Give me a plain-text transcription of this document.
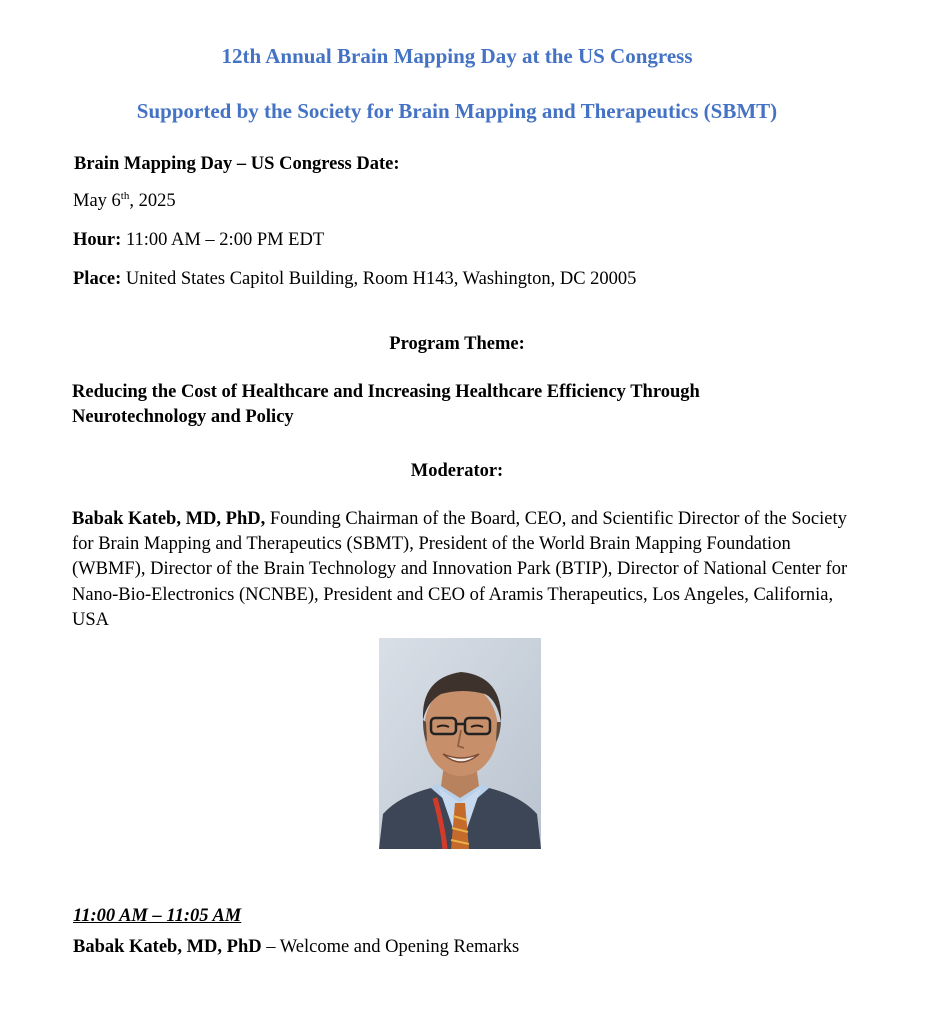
12th Annual Brain Mapping Day at the US Congress
Supported by the Society for Brain Mapping and Therapeutics (SBMT)

Brain Mapping Day – US Congress Date:

May 6th, 2025

Hour: 11:00 AM – 2:00 PM EDT

Place: United States Capitol Building, Room H143, Washington, DC 20005

Program Theme:

Reducing the Cost of Healthcare and Increasing Healthcare Efficiency Through Neurotechnology and Policy

Moderator:

Babak Kateb, MD, PhD, Founding Chairman of the Board, CEO, and Scientific Director of the Society for Brain Mapping and Therapeutics (SBMT), President of the World Brain Mapping Foundation (WBMF), Director of the Brain Technology and Innovation Park (BTIP), Director of National Center for Nano-Bio-Electronics (NCNBE), President and CEO of Aramis Therapeutics, Los Angeles, California, USA

11:00 AM – 11:05 AM

Babak Kateb, MD, PhD – Welcome and Opening Remarks
